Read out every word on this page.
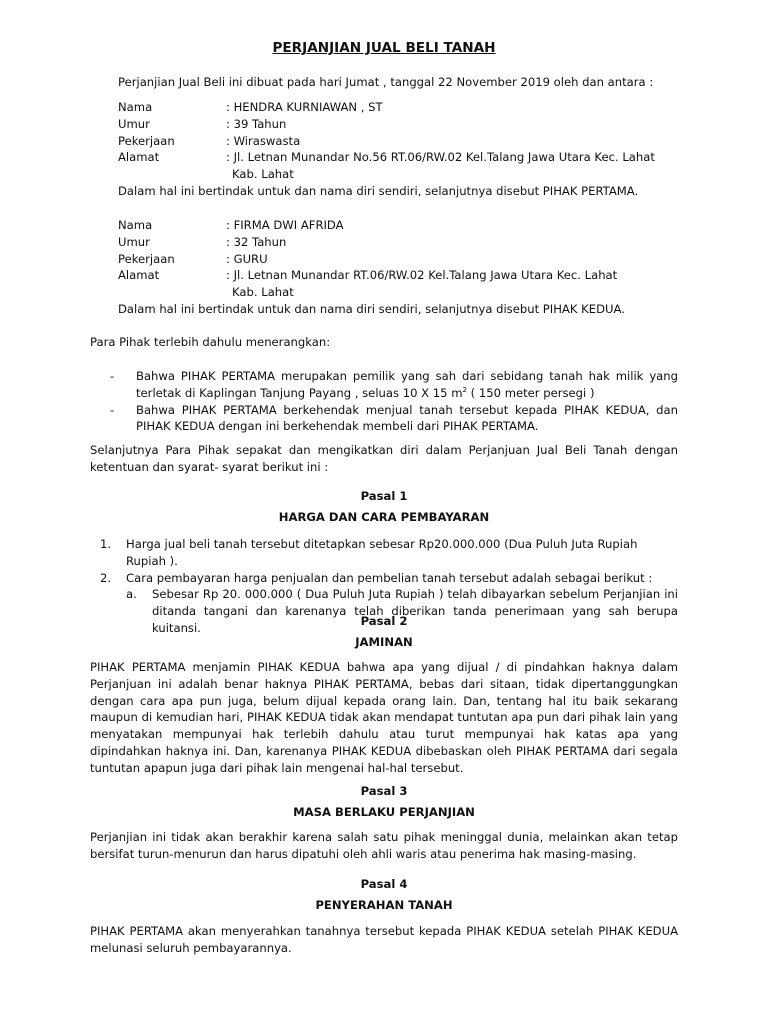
PERJANJIAN JUAL BELI TANAH
Perjanjian Jual Beli ini dibuat pada hari Jumat , tanggal 22 November 2019 oleh dan antara :
Nama	: HENDRA KURNIAWAN , ST
Umur	: 39 Tahun
Pekerjaan	: Wiraswasta
Alamat	: Jl. Letnan Munandar No.56 RT.06/RW.02 Kel.Talang Jawa Utara Kec. Lahat
Kab. Lahat
Dalam hal ini bertindak untuk dan nama diri sendiri, selanjutnya disebut PIHAK PERTAMA.
Nama	: FIRMA DWI AFRIDA
Umur	: 32 Tahun
Pekerjaan	: GURU
Alamat	: Jl. Letnan Munandar RT.06/RW.02 Kel.Talang Jawa Utara Kec. Lahat
Kab. Lahat
Dalam hal ini bertindak untuk dan nama diri sendiri, selanjutnya disebut PIHAK KEDUA.
Para Pihak terlebih dahulu menerangkan:
-	Bahwa PIHAK PERTAMA merupakan pemilik yang sah dari sebidang tanah hak milik yang terletak di Kaplingan Tanjung Payang , seluas 10 X 15 $m^2$ ( 150 meter persegi )
-	Bahwa PIHAK PERTAMA berkehendak menjual tanah tersebut kepada PIHAK KEDUA, dan PIHAK KEDUA dengan ini berkehendak membeli dari PIHAK PERTAMA.
Selanjutnya Para Pihak sepakat dan mengikatkan diri dalam Perjanjuan Jual Beli Tanah dengan ketentuan dan syarat- syarat berikut ini :
Pasal 1
HARGA DAN CARA PEMBAYARAN
1.	Harga jual beli tanah tersebut ditetapkan sebesar Rp20.000.000 (Dua Puluh Juta Rupiah Rupiah ).
2.	Cara pembayaran harga penjualan dan pembelian tanah tersebut adalah sebagai berikut :
a.	Sebesar Rp 20. 000.000 ( Dua Puluh Juta Rupiah ) telah dibayarkan sebelum Perjanjian ini ditanda tangani dan karenanya telah diberikan tanda penerimaan yang sah berupa kuitansi.	Pasal 2
JAMINAN
PIHAK PERTAMA menjamin PIHAK KEDUA bahwa apa yang dijual / di pindahkan haknya dalam Perjanjuan ini adalah benar haknya PIHAK PERTAMA, bebas dari sitaan, tidak dipertanggungkan dengan cara apa pun juga, belum dijual kepada orang lain. Dan, tentang hal itu baik sekarang maupun di kemudian hari, PIHAK KEDUA tidak akan mendapat tuntutan apa pun dari pihak lain yang menyatakan mempunyai hak terlebih dahulu atau turut mempunyai hak katas apa yang dipindahkan haknya ini. Dan, karenanya PIHAK KEDUA dibebaskan oleh PIHAK PERTAMA dari segala tuntutan apapun juga dari pihak lain mengenai hal-hal tersebut.
Pasal 3
MASA BERLAKU PERJANJIAN
Perjanjian ini tidak akan berakhir karena salah satu pihak meninggal dunia, melainkan akan tetap bersifat turun-menurun dan harus dipatuhi oleh ahli waris atau penerima hak masing-masing.
Pasal 4
PENYERAHAN TANAH
PIHAK PERTAMA akan menyerahkan tanahnya tersebut kepada PIHAK KEDUA setelah PIHAK KEDUA melunasi seluruh pembayarannya.
